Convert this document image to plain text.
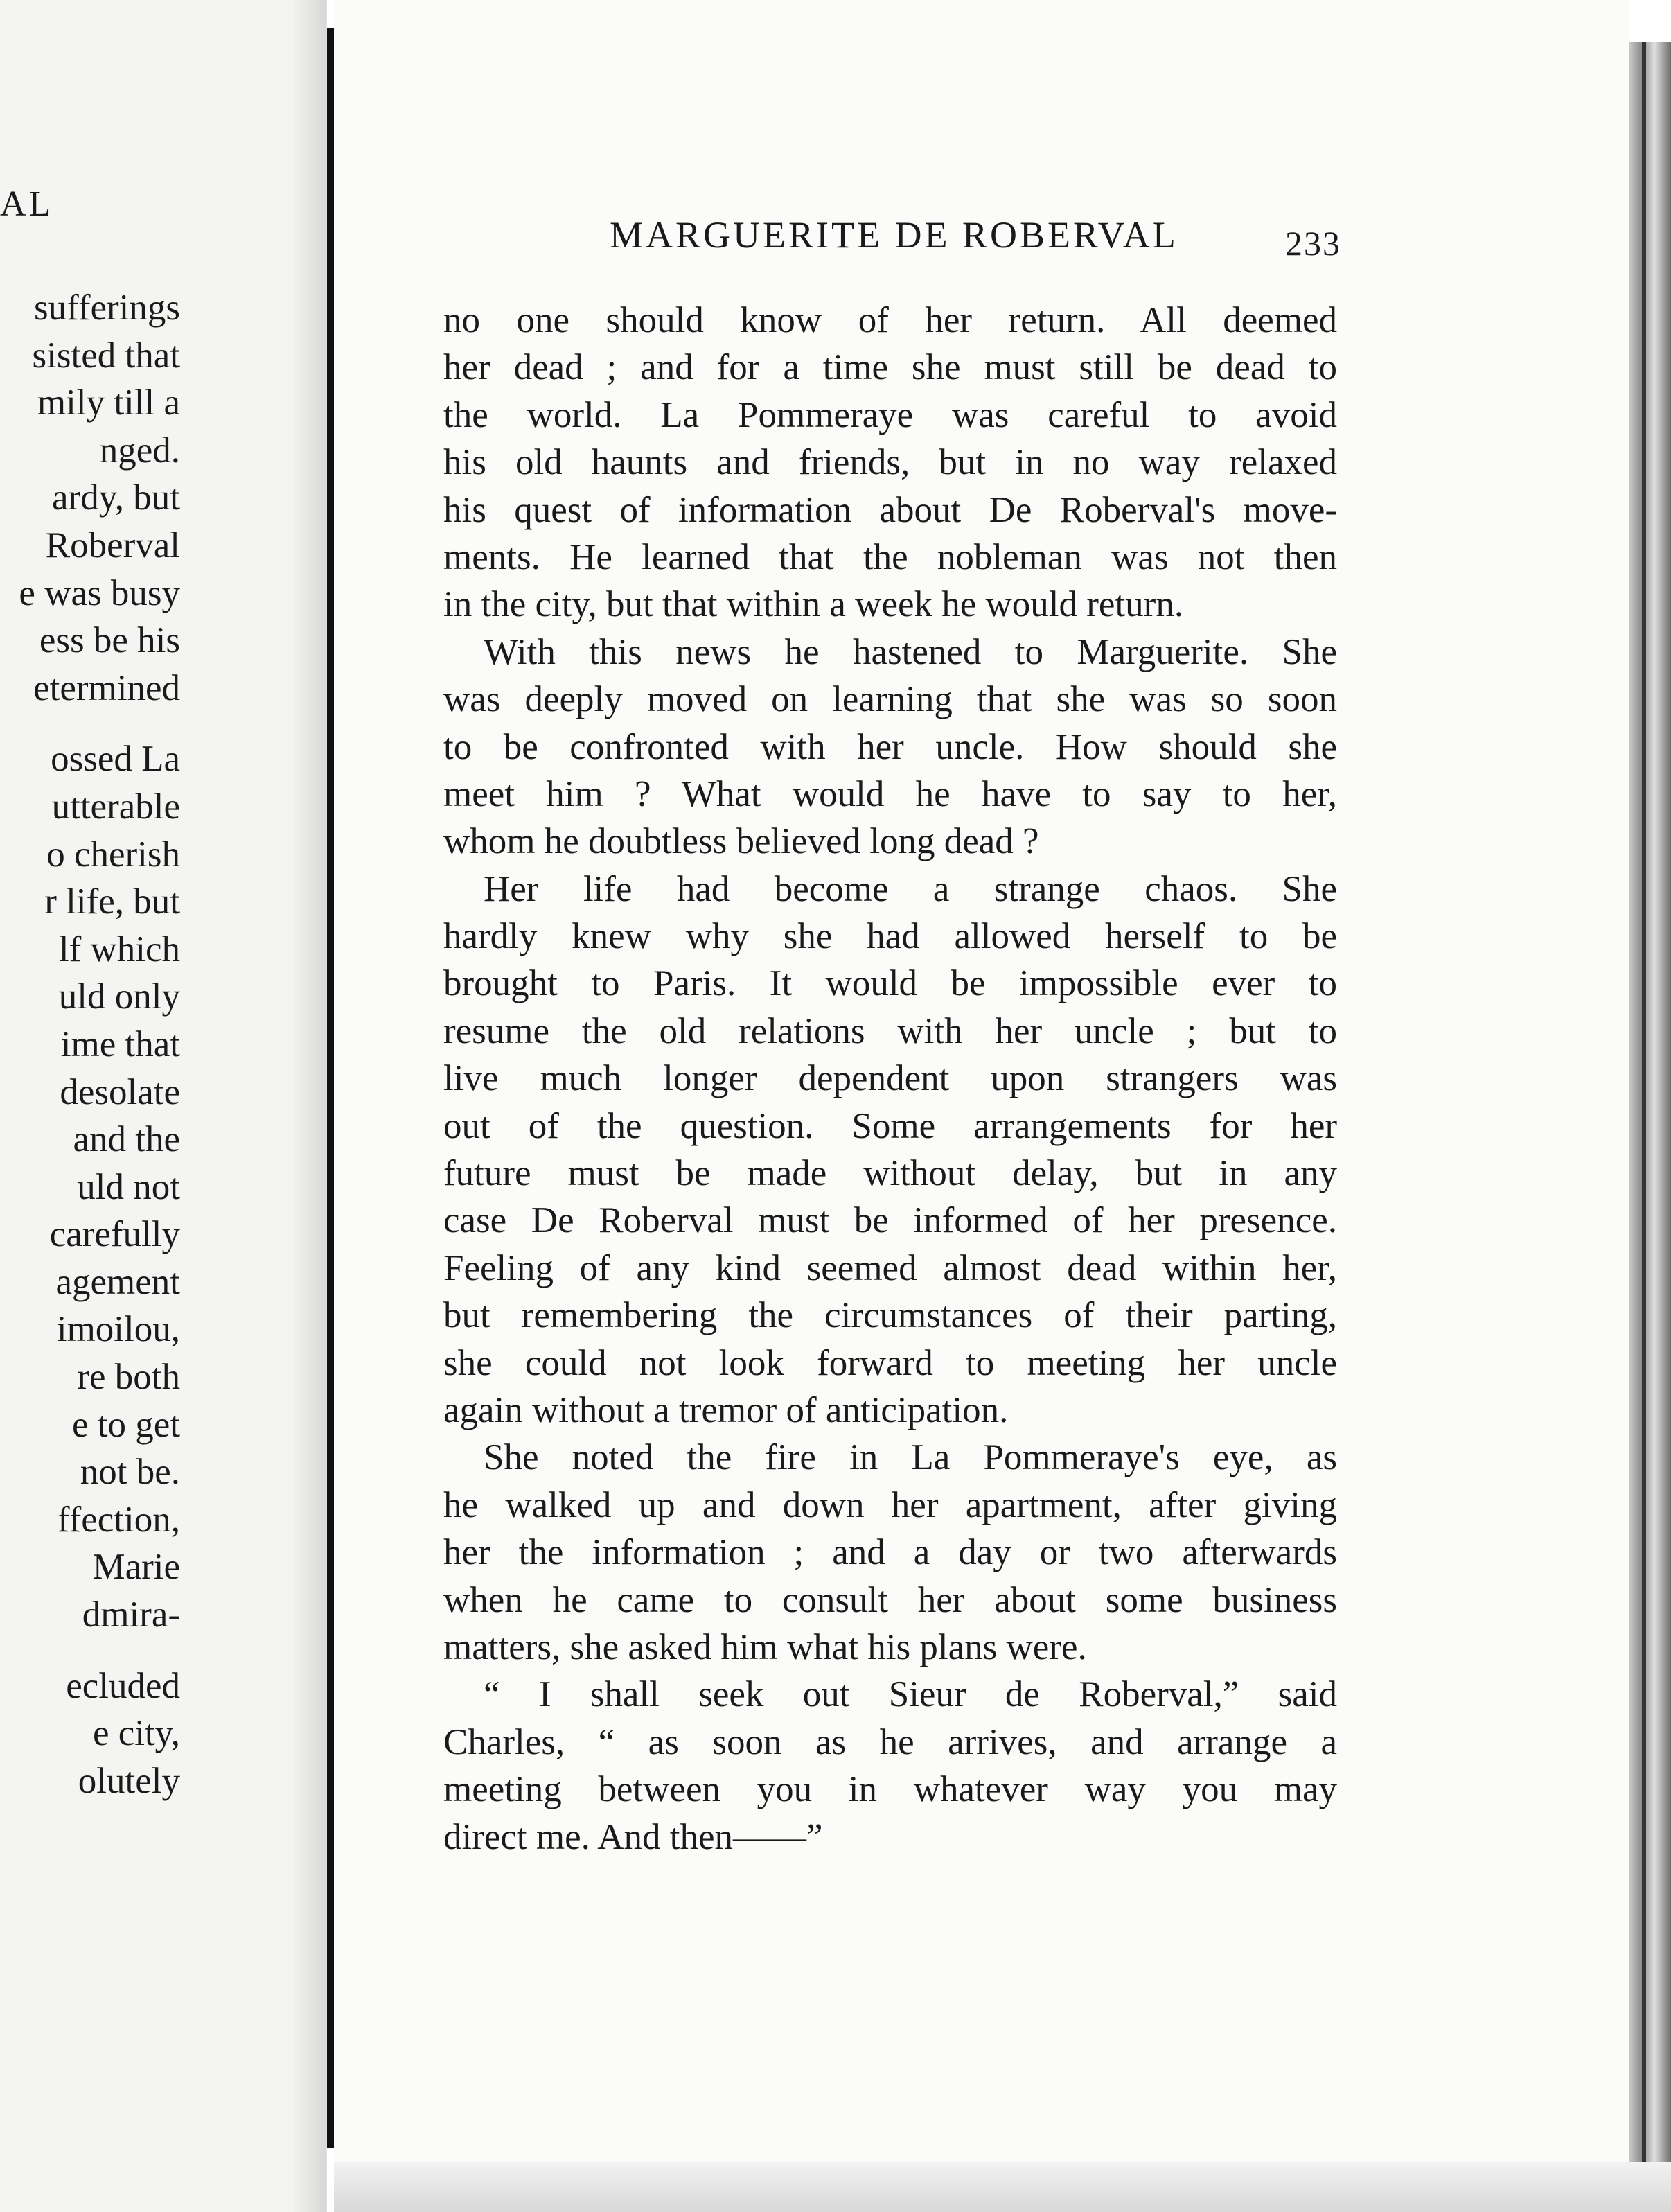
AL
sufferings
sisted that
mily till a
nged.
ardy, but
Roberval
e was busy
ess be his
etermined
ossed La
utterable
o cherish
r life, but
lf which
uld only
ime that
desolate
and the
uld not
carefully
agement
imoilou,
re both
e to get
not be.
ffection,
Marie
dmira-
ecluded
e city,
olutely
MARGUERITE DE ROBERVAL	233
no one should know of her return. All deemed
her dead ; and for a time she must still be dead to
the world. La Pommeraye was careful to avoid
his old haunts and friends, but in no way relaxed
his quest of information about De Roberval's move-
ments. He learned that the nobleman was not then
in the city, but that within a week he would return.
With this news he hastened to Marguerite. She
was deeply moved on learning that she was so soon
to be confronted with her uncle. How should she
meet him ? What would he have to say to her,
whom he doubtless believed long dead ?
Her life had become a strange chaos. She
hardly knew why she had allowed herself to be
brought to Paris. It would be impossible ever to
resume the old relations with her uncle ; but to
live much longer dependent upon strangers was
out of the question. Some arrangements for her
future must be made without delay, but in any
case De Roberval must be informed of her presence.
Feeling of any kind seemed almost dead within her,
but remembering the circumstances of their parting,
she could not look forward to meeting her uncle
again without a tremor of anticipation.
She noted the fire in La Pommeraye's eye, as
he walked up and down her apartment, after giving
her the information ; and a day or two afterwards
when he came to consult her about some business
matters, she asked him what his plans were.
“ I shall seek out Sieur de Roberval,” said
Charles, “ as soon as he arrives, and arrange a
meeting between you in whatever way you may
direct me. And then——”
